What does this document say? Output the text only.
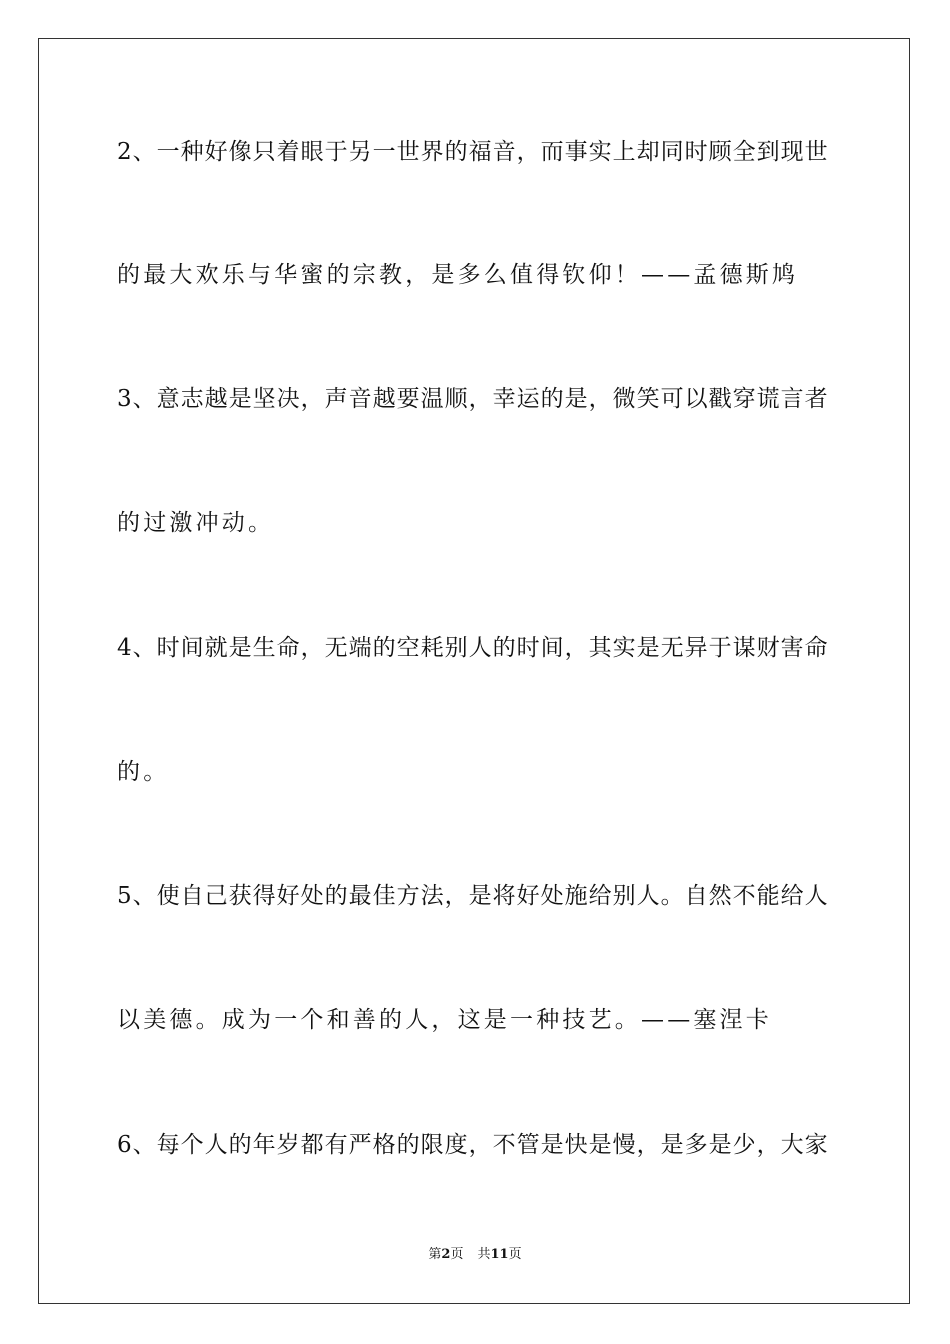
2、一种好像只着眼于另一世界的福音，而事实上却同时顾全到现世
的最大欢乐与华蜜的宗教，是多么值得钦仰！——孟德斯鸠
3、意志越是坚决，声音越要温顺，幸运的是，微笑可以戳穿谎言者
的过激冲动。
4、时间就是生命，无端的空耗别人的时间，其实是无异于谋财害命
的。
5、使自己获得好处的最佳方法，是将好处施给别人。自然不能给人
以美德。成为一个和善的人，这是一种技艺。——塞涅卡
6、每个人的年岁都有严格的限度，不管是快是慢，是多是少，大家
第2页 共11页
